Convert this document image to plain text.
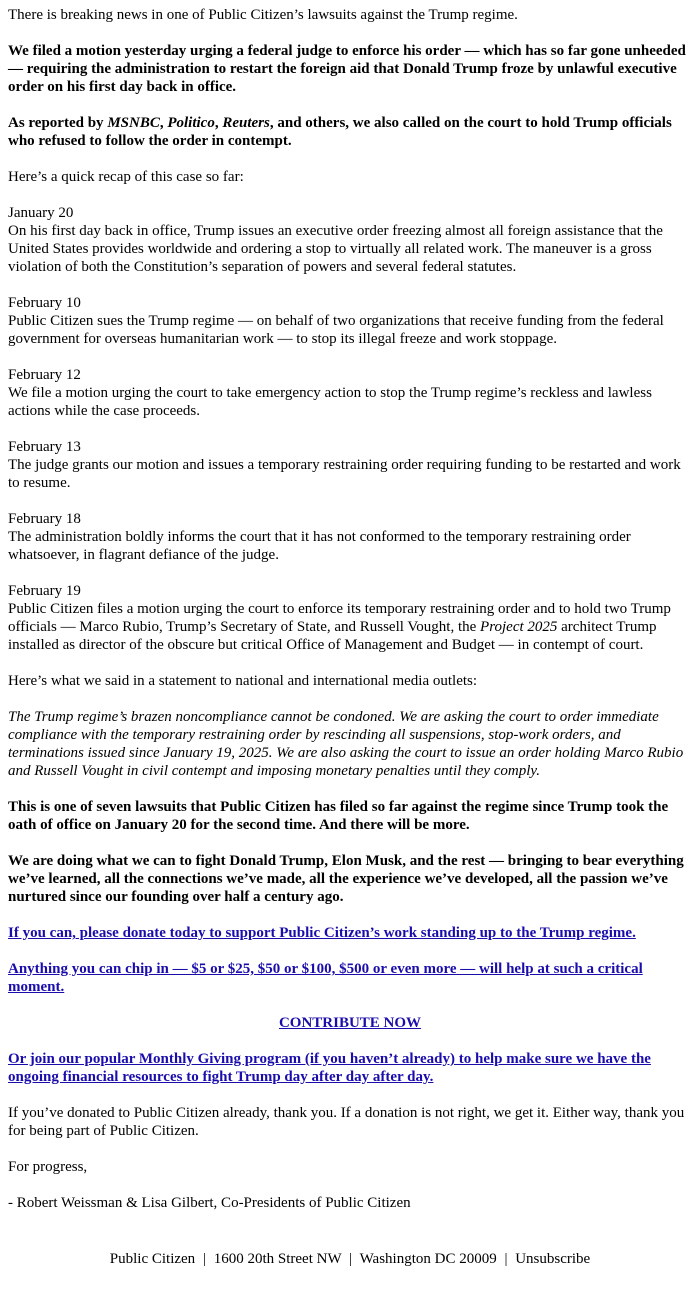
There is breaking news in one of Public Citizen’s lawsuits against the Trump regime.

We filed a motion yesterday urging a federal judge to enforce his order — which has so far gone unheeded — requiring the administration to restart the foreign aid that Donald Trump froze by unlawful executive order on his first day back in office.

As reported by MSNBC, Politico, Reuters, and others, we also called on the court to hold Trump officials who refused to follow the order in contempt.

Here’s a quick recap of this case so far:

January 20
On his first day back in office, Trump issues an executive order freezing almost all foreign assistance that the United States provides worldwide and ordering a stop to virtually all related work. The maneuver is a gross violation of both the Constitution’s separation of powers and several federal statutes.
February 10
Public Citizen sues the Trump regime — on behalf of two organizations that receive funding from the federal government for overseas humanitarian work — to stop its illegal freeze and work stoppage.
February 12
We file a motion urging the court to take emergency action to stop the Trump regime’s reckless and lawless actions while the case proceeds.
February 13
The judge grants our motion and issues a temporary restraining order requiring funding to be restarted and work to resume.
February 18
The administration boldly informs the court that it has not conformed to the temporary restraining order whatsoever, in flagrant defiance of the judge.
February 19
Public Citizen files a motion urging the court to enforce its temporary restraining order and to hold two Trump officials — Marco Rubio, Trump’s Secretary of State, and Russell Vought, the Project 2025 architect Trump installed as director of the obscure but critical Office of Management and Budget — in contempt of court.

Here’s what we said in a statement to national and international media outlets:

The Trump regime’s brazen noncompliance cannot be condoned. We are asking the court to order immediate compliance with the temporary restraining order by rescinding all suspensions, stop-work orders, and terminations issued since January 19, 2025. We are also asking the court to issue an order holding Marco Rubio and Russell Vought in civil contempt and imposing monetary penalties until they comply.

This is one of seven lawsuits that Public Citizen has filed so far against the regime since Trump took the oath of office on January 20 for the second time. And there will be more.

We are doing what we can to fight Donald Trump, Elon Musk, and the rest — bringing to bear everything we’ve learned, all the connections we’ve made, all the experience we’ve developed, all the passion we’ve nurtured since our founding over half a century ago.

If you can, please donate today to support Public Citizen’s work standing up to the Trump regime.

Anything you can chip in — $5 or $25, $50 or $100, $500 or even more — will help at such a critical moment.

CONTRIBUTE NOW

Or join our popular Monthly Giving program (if you haven’t already) to help make sure we have the ongoing financial resources to fight Trump day after day after day.

If you’ve donated to Public Citizen already, thank you. If a donation is not right, we get it. Either way, thank you for being part of Public Citizen.

For progress,

- Robert Weissman & Lisa Gilbert, Co-Presidents of Public Citizen

Public Citizen | 1600 20th Street NW | Washington DC 20009 | Unsubscribe
